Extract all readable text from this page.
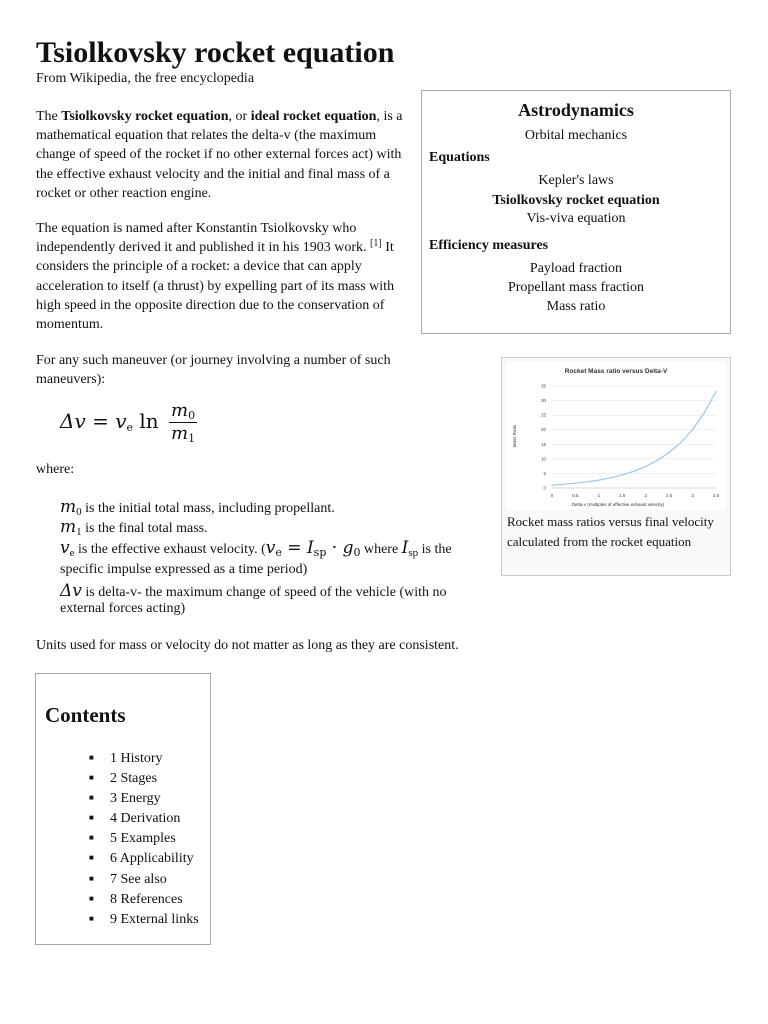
Tsiolkovsky rocket equation
From Wikipedia, the free encyclopedia
The Tsiolkovsky rocket equation, or ideal rocket equation, is a mathematical equation that relates the delta-v (the maximum change of speed of the rocket if no other external forces act) with the effective exhaust velocity and the initial and final mass of a rocket or other reaction engine.
The equation is named after Konstantin Tsiolkovsky who independently derived it and published it in his 1903 work. [1] It considers the principle of a rocket: a device that can apply acceleration to itself (a thrust) by expelling part of its mass with high speed in the opposite direction due to the conservation of momentum.
For any such maneuver (or journey involving a number of such maneuvers):
$\Delta v = v_e$ $\ln \frac{m_0}{m_1}$
where:
$m_0$ is the initial total mass, including propellant.
$m_1$ is the final total mass.
$v_e$ is the effective exhaust velocity. ($v_e = I_{sp} \cdot g_0$ where $I_{sp}$ is the
specific impulse expressed as a time period)
Δv is delta-v- the maximum change of speed of the vehicle (with no
external forces acting)
Units used for mass or velocity do not matter as long as they are consistent.
Astrodynamics
Orbital mechanics
Equations
Kepler's laws
Tsiolkovsky rocket equation
Vis-viva equation
Efficiency measures
Payload fraction
Propellant mass fraction
Mass ratio
Rocket Mass ratio versus Delta-V
Mass Ratio
Delta-v (multiples of effective exhaust velocity)
0
5
10
15
20
25
30
35
0	0.5	1	1.5	2	2.5	3	3.5
Rocket mass ratios versus final velocity calculated from the rocket equation
Contents
■ 1 History
■ 2 Stages
■ 3 Energy
■ 4 Derivation
■ 5 Examples
■ 6 Applicability
■ 7 See also
■ 8 References
■ 9 External links
